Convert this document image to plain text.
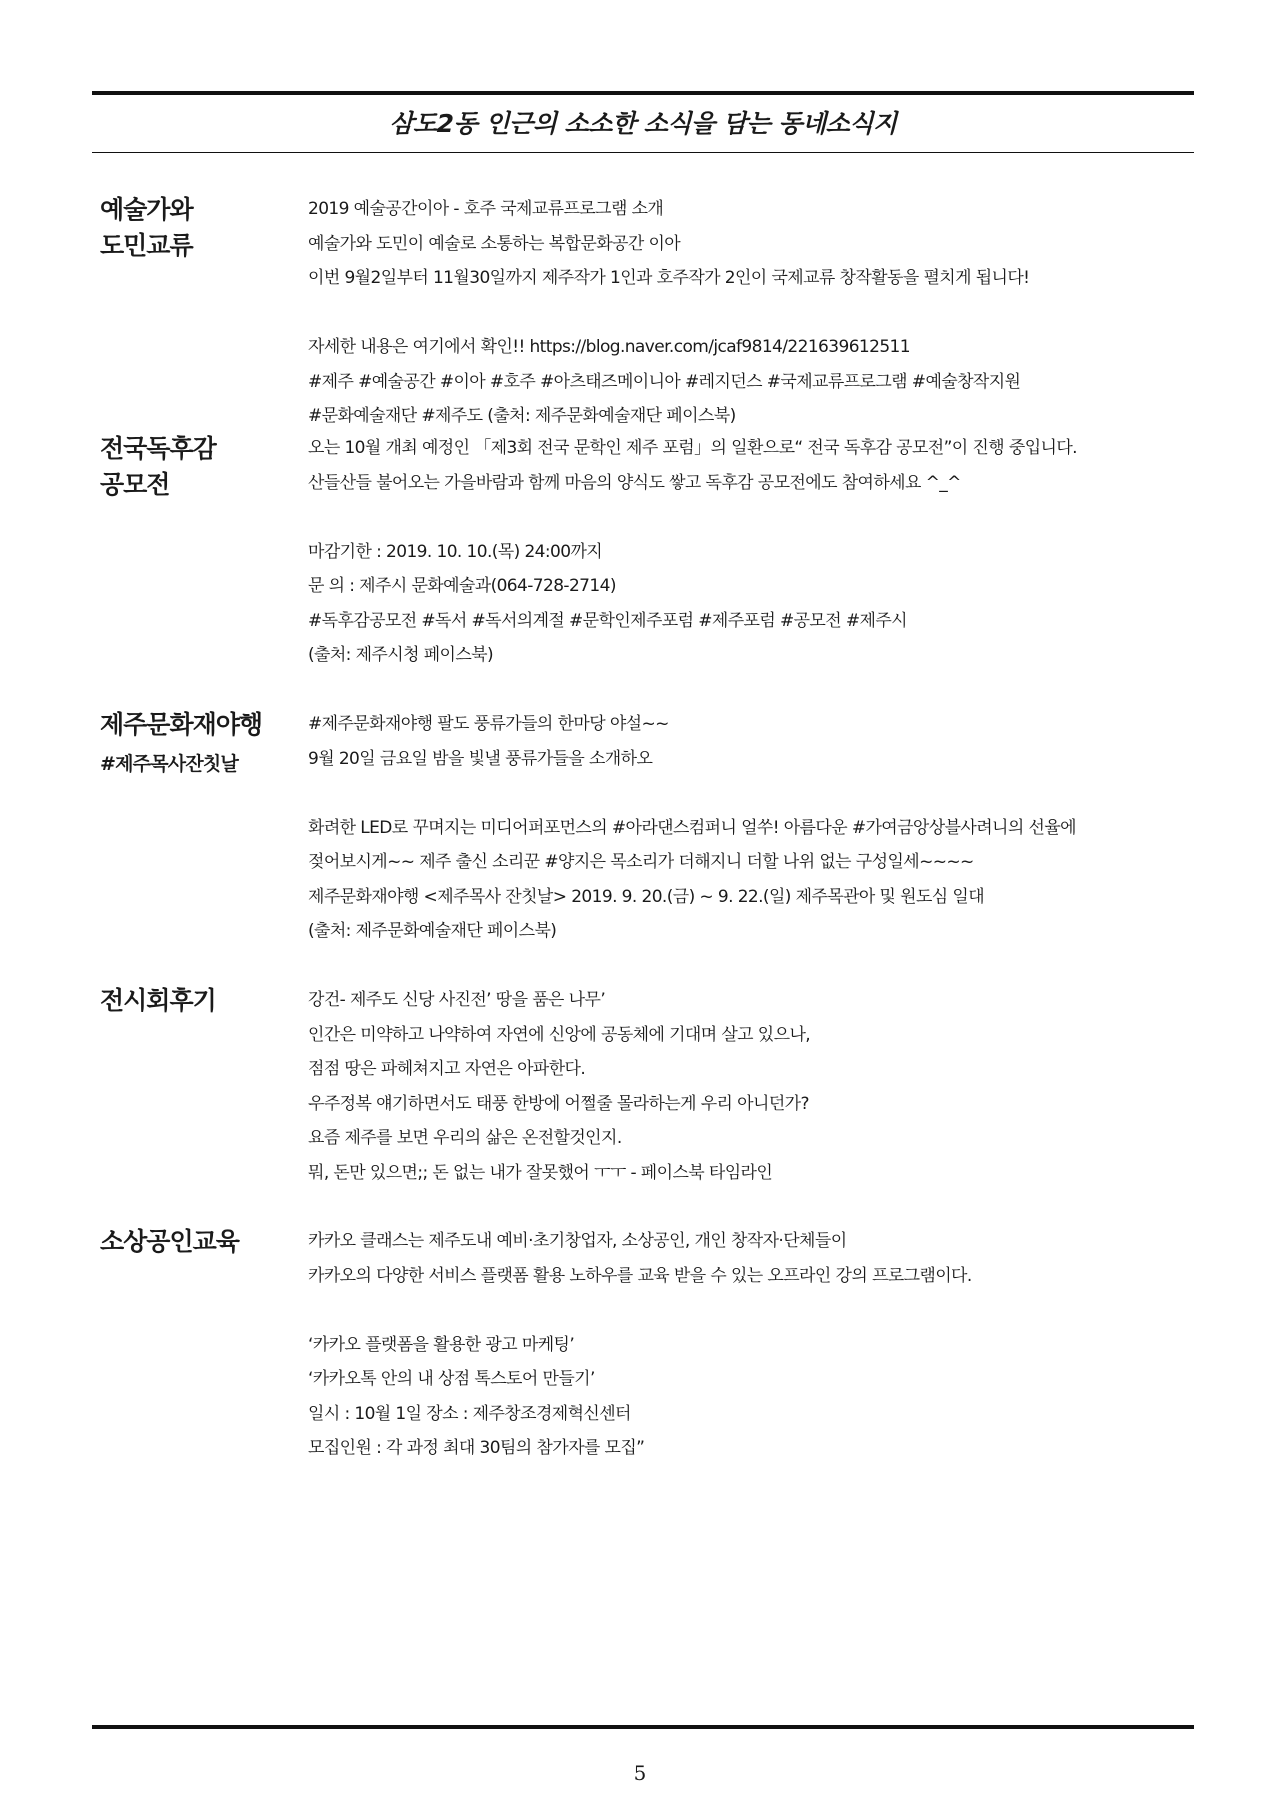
삼도2동 인근의 소소한 소식을 담는 동네소식지
예술가와
도민교류
2019 예술공간이아 - 호주 국제교류프로그램 소개
예술가와 도민이 예술로 소통하는 복합문화공간 이아
이번 9월2일부터 11월30일까지 제주작가 1인과 호주작가 2인이 국제교류 창작활동을 펼치게 됩니다!
자세한 내용은 여기에서 확인!! https://blog.naver.com/jcaf9814/221639612511
#제주 #예술공간 #이아 #호주 #아츠태즈메이니아 #레지던스 #국제교류프로그램 #예술창작지원
#문화예술재단 #제주도 (출처: 제주문화예술재단 페이스북)
전국독후감
공모전
오는 10월 개최 예정인 「제3회 전국 문학인 제주 포럼」의 일환으로“ 전국 독후감 공모전”이 진행 중입니다.
산들산들 불어오는 가을바람과 함께 마음의 양식도 쌓고 독후감 공모전에도 참여하세요 ^_^
마감기한 : 2019. 10. 10.(목) 24:00까지
문 의 : 제주시 문화예술과(064-728-2714)
#독후감공모전 #독서 #독서의계절 #문학인제주포럼 #제주포럼 #공모전 #제주시
(출처: 제주시청 페이스북)
제주문화재야행
#제주목사잔칫날
#제주문화재야행 팔도 풍류가들의 한마당 야설~~
9월 20일 금요일 밤을 빛낼 풍류가들을 소개하오
화려한 LED로 꾸며지는 미디어퍼포먼스의 #아라댄스컴퍼니 얼쑤! 아름다운 #가여금앙상블사려니의 선율에
젖어보시게~~ 제주 출신 소리꾼 #양지은 목소리가 더해지니 더할 나위 없는 구성일세~~~~
제주문화재야행 <제주목사 잔칫날> 2019. 9. 20.(금) ~ 9. 22.(일) 제주목관아 및 원도심 일대
(출처: 제주문화예술재단 페이스북)
전시회후기	강건- 제주도 신당 사진전’ 땅을 품은 나무’
인간은 미약하고 나약하여 자연에 신앙에 공동체에 기대며 살고 있으나,
점점 땅은 파헤쳐지고 자연은 아파한다.
우주정복 얘기하면서도 태풍 한방에 어쩔줄 몰라하는게 우리 아니던가?
요즘 제주를 보면 우리의 삶은 온전할것인지.
뭐, 돈만 있으면;; 돈 없는 내가 잘못했어 ㅜㅜ - 페이스북 타임라인
소상공인교육	카카오 클래스는 제주도내 예비·초기창업자, 소상공인, 개인 창작자·단체들이
카카오의 다양한 서비스 플랫폼 활용 노하우를 교육 받을 수 있는 오프라인 강의 프로그램이다.
‘카카오 플랫폼을 활용한 광고 마케팅’
‘카카오톡 안의 내 상점 톡스토어 만들기’
일시 : 10월 1일 장소 : 제주창조경제혁신센터
모집인원 : 각 과정 최대 30팀의 참가자를 모집”
5
